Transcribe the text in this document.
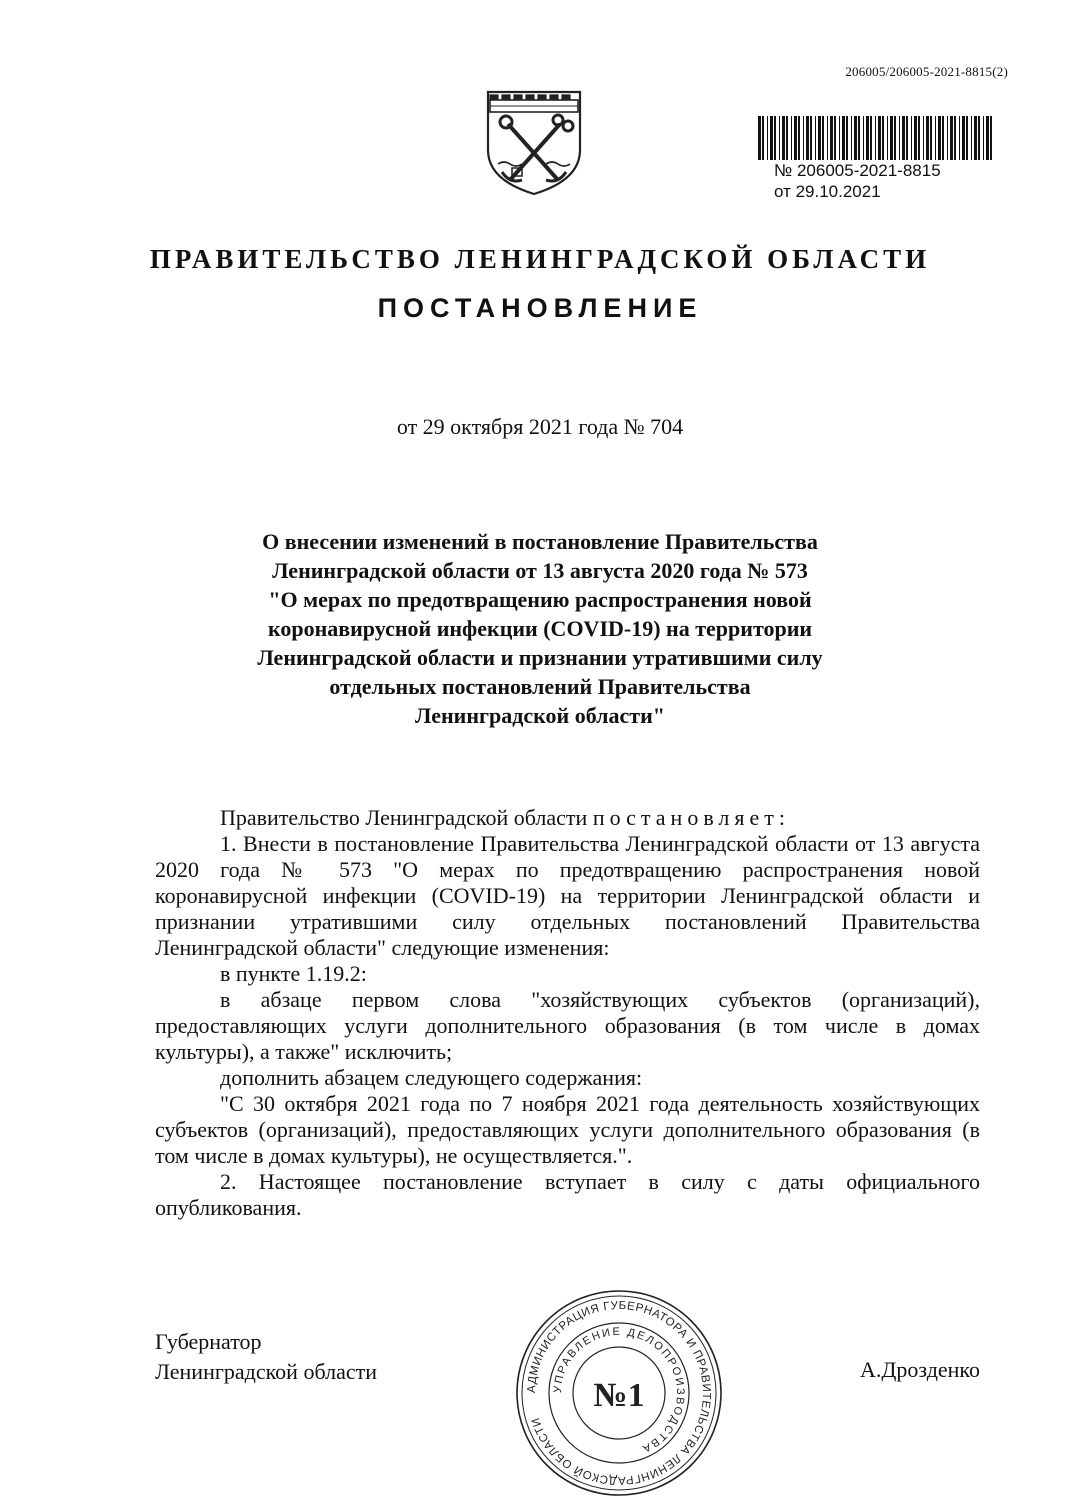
206005/206005-2021-8815(2)
№ 206005-2021-8815
от 29.10.2021
ПРАВИТЕЛЬСТВО ЛЕНИНГРАДСКОЙ ОБЛАСТИ
ПОСТАНОВЛЕНИЕ
от 29 октября 2021 года № 704
О внесении изменений в постановление Правительства
Ленинградской области от 13 августа 2020 года № 573
"О мерах по предотвращению распространения новой
коронавирусной инфекции (COVID-19) на территории
Ленинградской области и признании утратившими силу
отдельных постановлений Правительства
Ленинградской области"

Правительство Ленинградской области постановляет:

1. Внести в постановление Правительства Ленинградской области от 13 августа 2020 года № 573 "О мерах по предотвращению распространения новой коронавирусной инфекции (COVID-19) на территории Ленинградской области и признании утратившими силу отдельных постановлений Правительства Ленинградской области" следующие изменения:

в пункте 1.19.2:

в абзаце первом слова "хозяйствующих субъектов (организаций), предоставляющих услуги дополнительного образования (в том числе в домах культуры), а также" исключить;

дополнить абзацем следующего содержания:

"С 30 октября 2021 года по 7 ноября 2021 года деятельность хозяйствующих субъектов (организаций), предоставляющих услуги дополнительного образования (в том числе в домах культуры), не осуществляется.".

2. Настоящее постановление вступает в силу с даты официального опубликования.

Губернатор
Ленинградской области
АДМИНИСТРАЦИЯ ГУБЕРНАТОРА И ПРАВИТЕЛЬСТВА ЛЕНИНГРАДСКОЙ ОБЛАСТИ
УПРАВЛЕНИЕ ДЕЛОПРОИЗВОДСТВА
№1
А.Дрозденко
